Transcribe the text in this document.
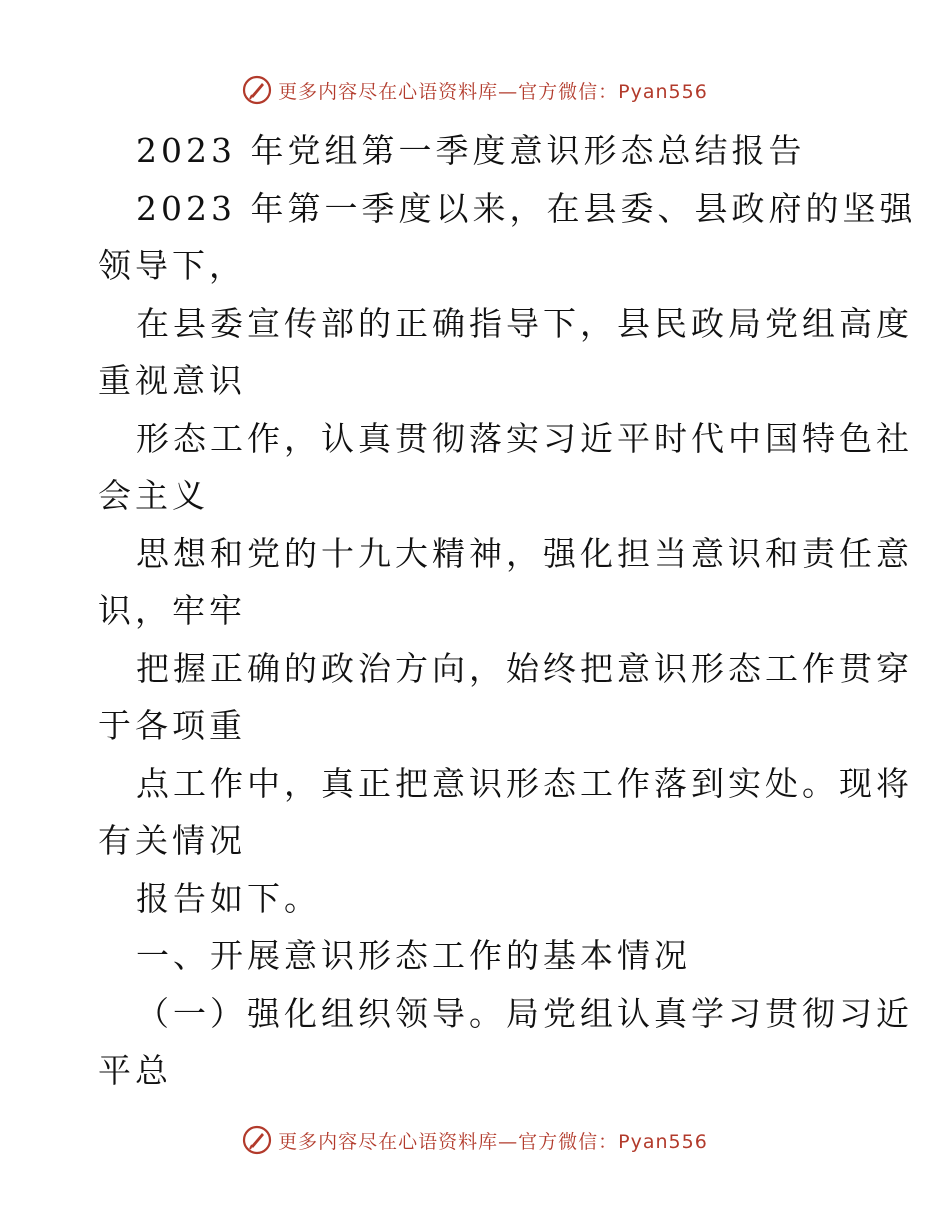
更多内容尽在心语资料库—官方微信：Pyan556
2023 年党组第一季度意识形态总结报告
2023 年第一季度以来，在县委、县政府的坚强
领导下，
在县委宣传部的正确指导下，县民政局党组高度
重视意识
形态工作，认真贯彻落实习近平时代中国特色社
会主义
思想和党的十九大精神，强化担当意识和责任意
识，牢牢
把握正确的政治方向，始终把意识形态工作贯穿
于各项重
点工作中，真正把意识形态工作落到实处。现将
有关情况
报告如下。
一、开展意识形态工作的基本情况
（一）强化组织领导。局党组认真学习贯彻习近
平总
更多内容尽在心语资料库—官方微信：Pyan556
